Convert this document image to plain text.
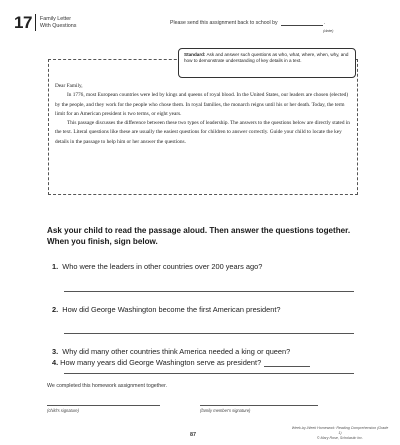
17 Family Letter
With Questions	Please send this assignment back to school by	.
(date)
Standard: Ask and answer such questions as who, what, where, when, why, and how to demonstrate understanding of key details in a text.

Dear Family,

In 1776, most European countries were led by kings and queens of royal blood. In the United States, our leaders are chosen (elected) by the people, and they work for the people who chose them. In royal families, the monarch reigns until his or her death. Today, the term limit for an American president is two terms, or eight years.

This passage discusses the difference between these two types of leadership. The answers to the questions below are directly stated in the text. Literal questions like these are usually the easiest questions for children to answer correctly. Guide your child to locate the key details in the passage to help him or her answer the questions.

Ask your child to read the passage aloud. Then answer the questions together. When you finish, sign below.
1. Who were the leaders in other countries over 200 years ago?
2. How did George Washington become the first American president?
3. Why did many other countries think America needed a king or queen?
We completed this homework assignment together.
(child's signature)	(family member's signature)
87
Week-by-Week Homework: Reading Comprehension (Grade 1)
© Mary Rose, Scholastic Inc.
4. How many years did George Washington serve as president?
